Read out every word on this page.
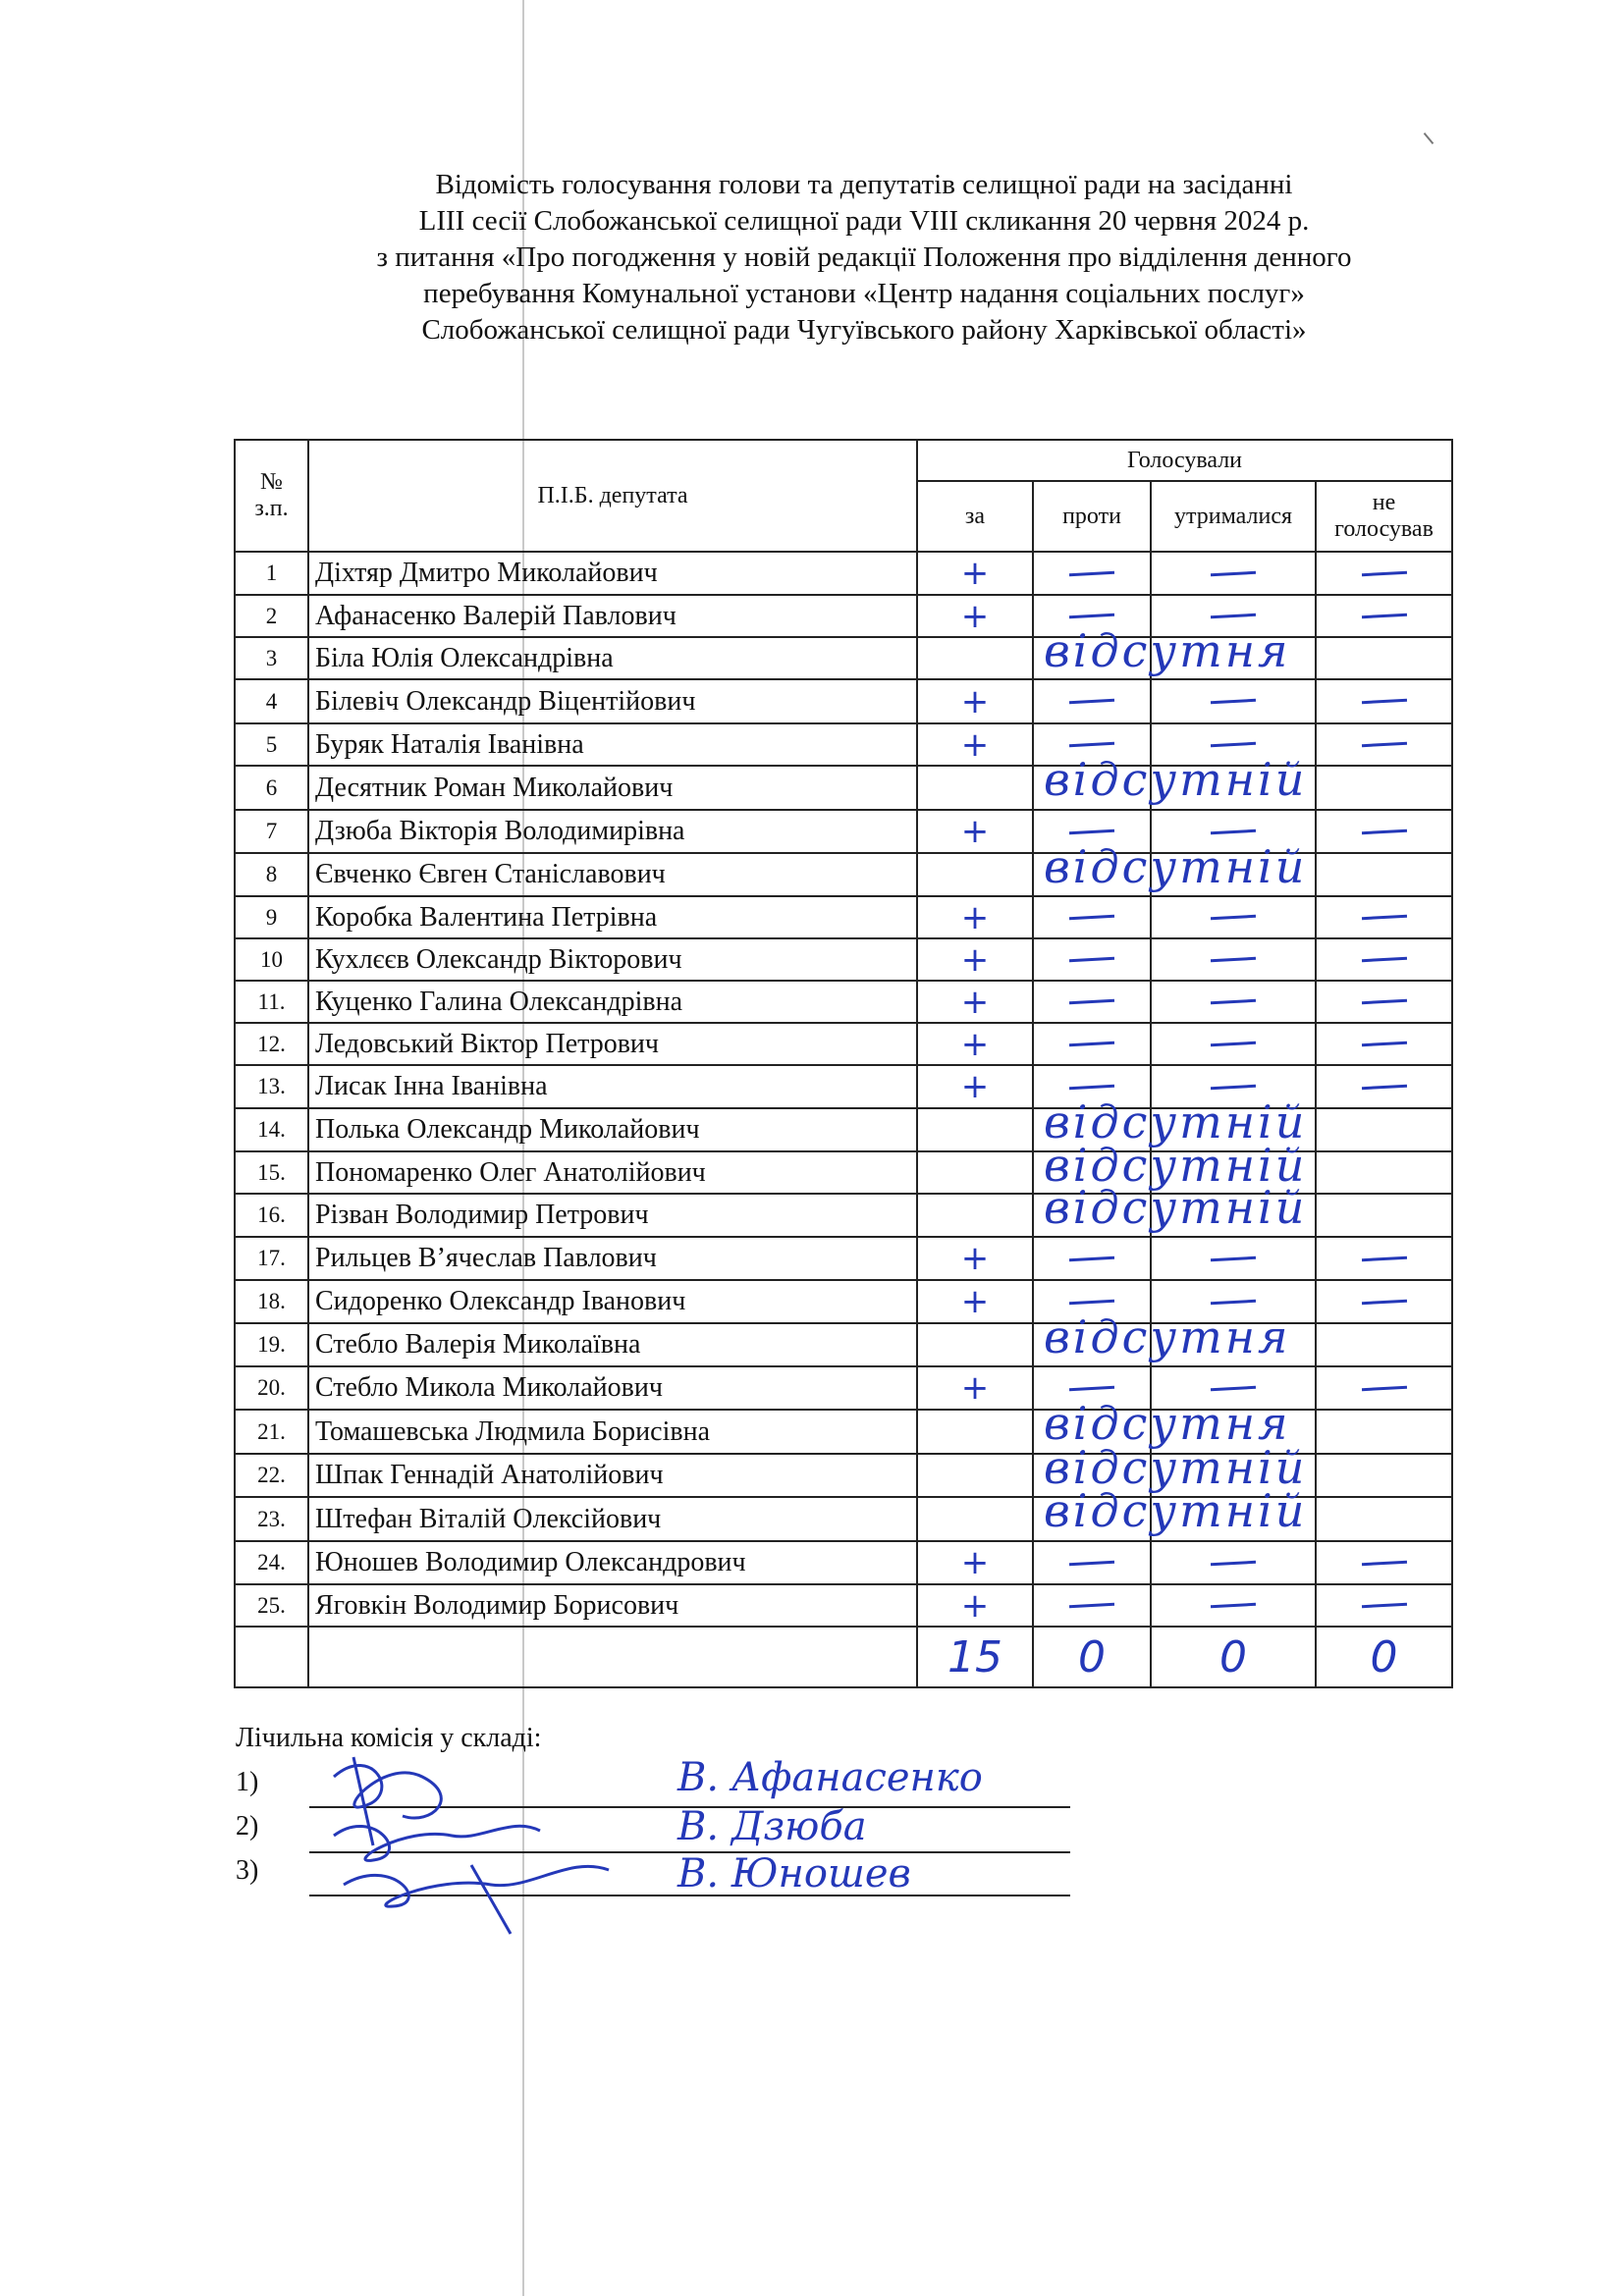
Відомість голосування голови та депутатів селищної ради на засіданні
LIII сесії Слобожанської селищної ради VIII скликання 20 червня 2024 р.
з питання «Про погодження у новій редакції Положення про відділення денного
перебування Комунальної установи «Центр надання соціальних послуг»
Слобожанської селищної ради Чугуївського району Харківської області»
№
з.п.	П.І.Б. депутата	Голосували			
		за	проти	утрималися	не
голосував

1	Діхтяр Дмитро Миколайович	+			

2	Афанасенко Валерій Павлович	+			

3	Біла Юлія Олександрівна		відсутня		

4	Білевіч Олександр Віцентійович	+			

5	Буряк Наталія Іванівна	+			

6	Десятник Роман Миколайович		відсутній		

7	Дзюба Вікторія Володимирівна	+			

8	Євченко Євген Станіславович		відсутній		

9	Коробка Валентина Петрівна	+			

10	Кухлєєв Олександр Вікторович	+			

11.	Куценко Галина Олександрівна	+			

12.	Ледовський Віктор Петрович	+			

13.	Лисак Інна Іванівна	+			

14.	Полька Олександр Миколайович		відсутній		

15.	Пономаренко Олег Анатолійович		відсутній		

16.	Різван Володимир Петрович		відсутній		

17.	Рильцев В’ячеслав Павлович	+			

18.	Сидоренко Олександр Іванович	+			

19.	Стебло Валерія Миколаївна		відсутня		

20.	Стебло Микола Миколайович	+			

21.	Томашевська Людмила Борисівна		відсутня		

22.	Шпак Геннадій Анатолійович		відсутній		

23.	Штефан Віталій Олексійович		відсутній		

24.	Юношев Володимир Олександрович	+			

25.	Яговкін Володимир Борисович	+			

		15	0	0	0
Лічильна комісія у складі:
1)	В. Афанасенко
2)	В. Дзюба
3)	В. Юношев
